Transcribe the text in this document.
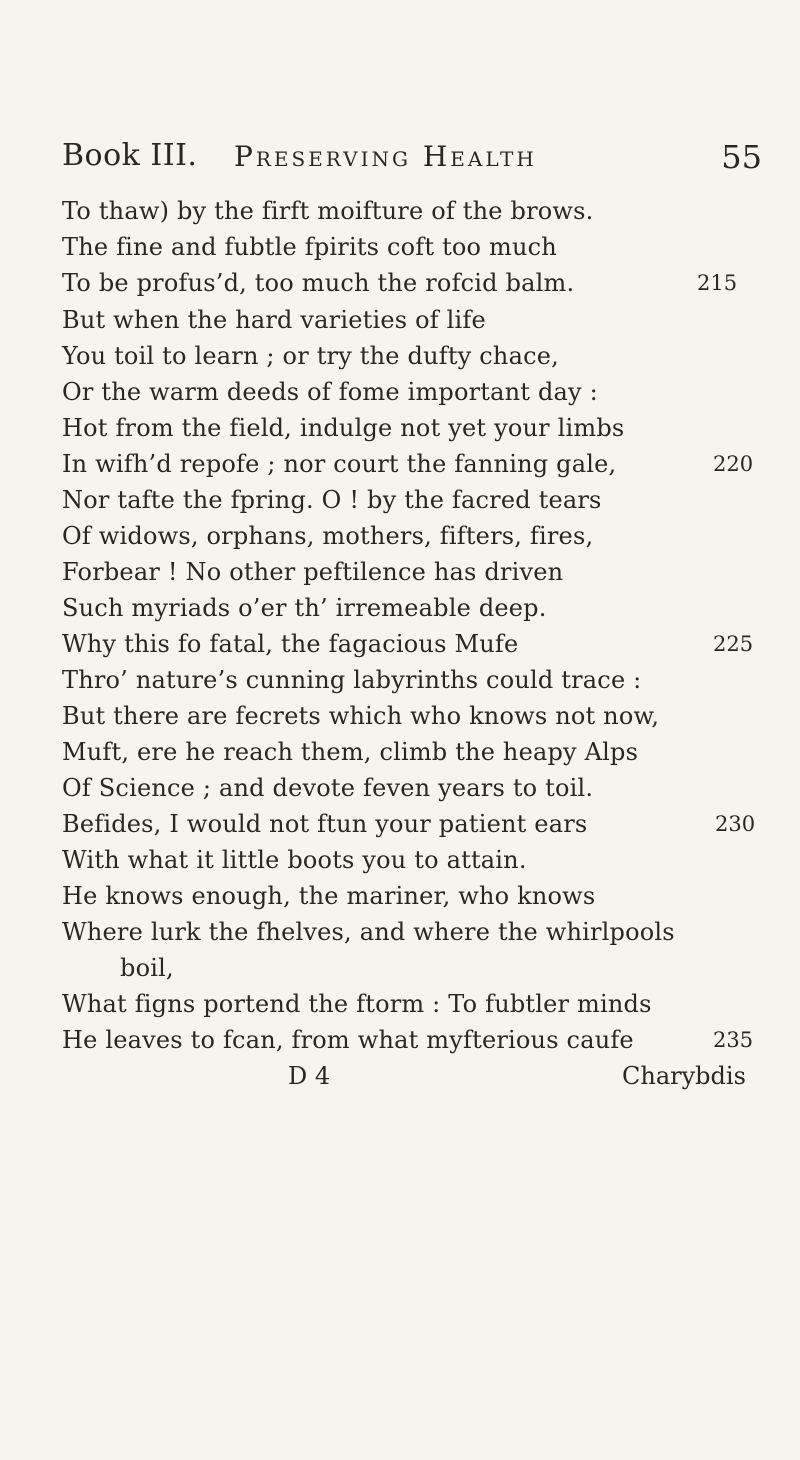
Book III. Preserving Health	55
To thaw) by the firft moifture of the brows.
The fine and fubtle fpirits coft too much
To be profus’d, too much the rofcid balm.	215
But when the hard varieties of life
You toil to learn ; or try the dufty chace,
Or the warm deeds of fome important day :
Hot from the field, indulge not yet your limbs
In wifh’d repofe ; nor court the fanning gale,	220
Nor tafte the fpring. O ! by the facred tears
Of widows, orphans, mothers, fifters, fires,
Forbear ! No other peftilence has driven
Such myriads o’er th’ irremeable deep.
Why this fo fatal, the fagacious Mufe	225
Thro’ nature’s cunning labyrinths could trace :
But there are fecrets which who knows not now,
Muft, ere he reach them, climb the heapy Alps
Of Science ; and devote feven years to toil.
Befides, I would not ftun your patient ears	230
With what it little boots you to attain.
He knows enough, the mariner, who knows
Where lurk the fhelves, and where the whirlpools
boil,
What figns portend the ftorm : To fubtler minds
He leaves to fcan, from what myfterious caufe	235
D 4	Charybdis
